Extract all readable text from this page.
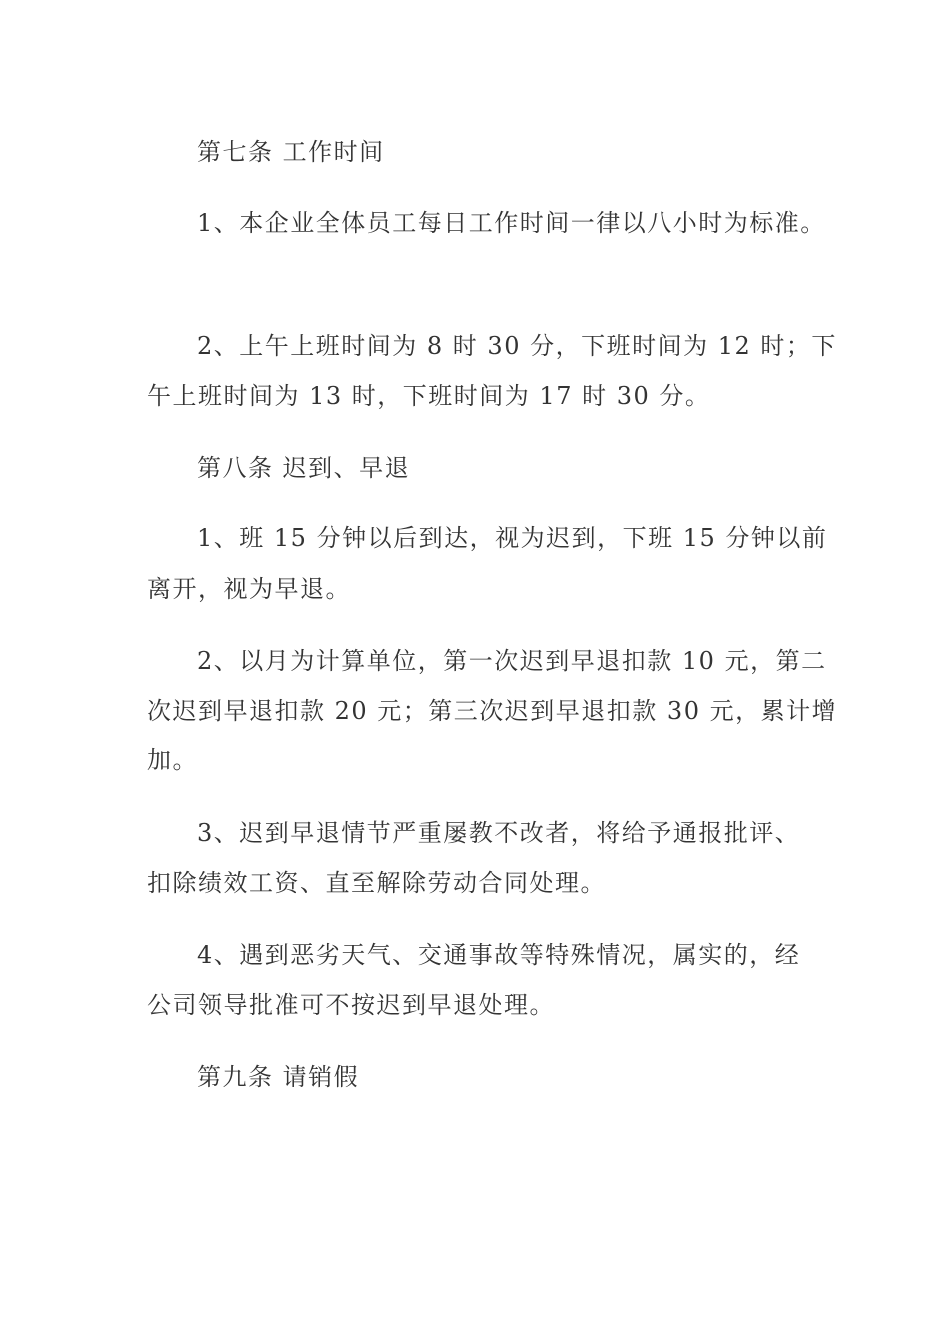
第七条 工作时间
1、本企业全体员工每日工作时间一律以八小时为标准。
2、上午上班时间为 8 时 30 分，下班时间为 12 时；下
午上班时间为 13 时，下班时间为 17 时 30 分。
第八条 迟到、早退
1、班 15 分钟以后到达，视为迟到，下班 15 分钟以前
离开，视为早退。
2、以月为计算单位，第一次迟到早退扣款 10 元，第二
次迟到早退扣款 20 元；第三次迟到早退扣款 30 元，累计增
加。
3、迟到早退情节严重屡教不改者，将给予通报批评、
扣除绩效工资、直至解除劳动合同处理。
4、遇到恶劣天气、交通事故等特殊情况，属实的，经
公司领导批准可不按迟到早退处理。
第九条 请销假
